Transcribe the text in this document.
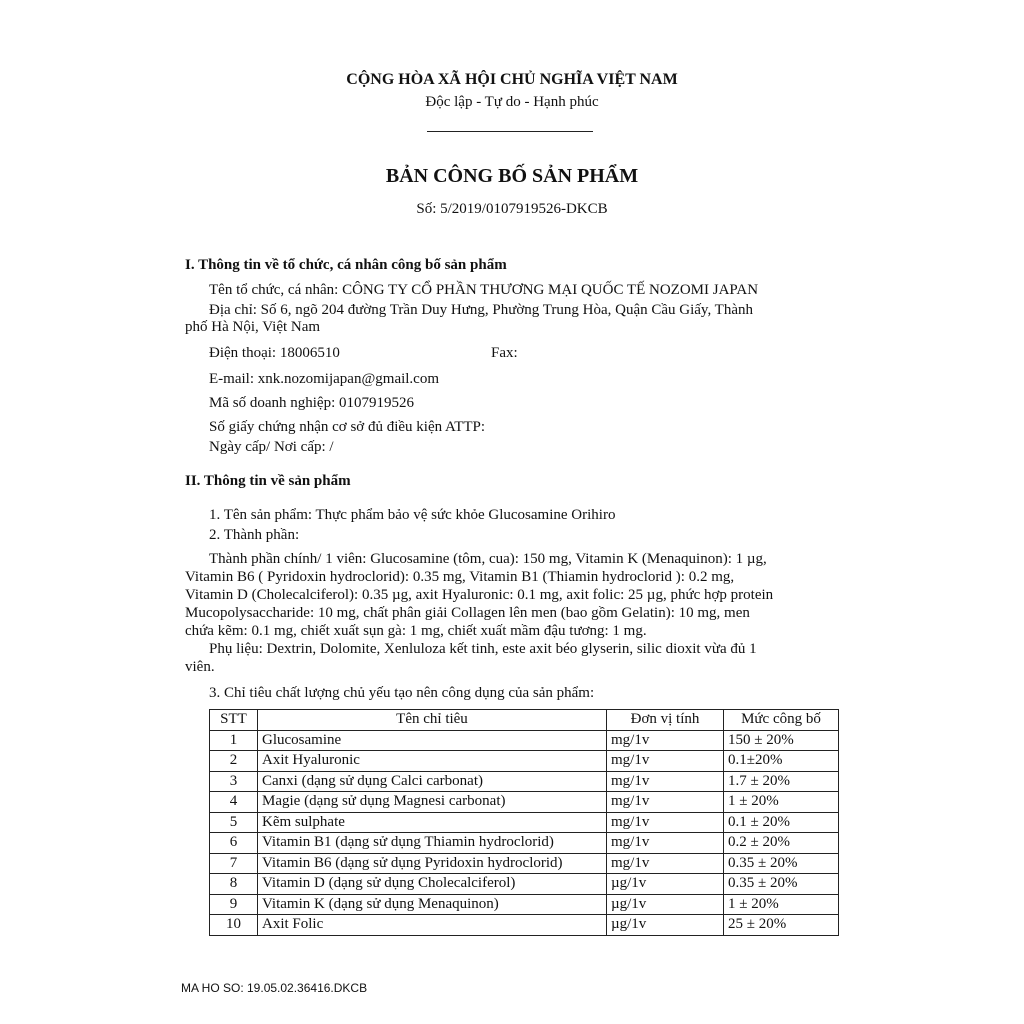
CỘNG HÒA XÃ HỘI CHỦ NGHĨA VIỆT NAM
Độc lập - Tự do - Hạnh phúc
BẢN CÔNG BỐ SẢN PHẨM
Số: 5/2019/0107919526-DKCB
I. Thông tin về tổ chức, cá nhân công bố sản phẩm
Tên tổ chức, cá nhân: CÔNG TY CỔ PHẦN THƯƠNG MẠI QUỐC TẾ NOZOMI JAPAN
Địa chỉ: Số 6, ngõ 204 đường Trần Duy Hưng, Phường Trung Hòa, Quận Cầu Giấy, Thành
phố Hà Nội, Việt Nam
Điện thoại: 18006510	Fax:
E-mail: xnk.nozomijapan@gmail.com
Mã số doanh nghiệp: 0107919526
Số giấy chứng nhận cơ sở đủ điều kiện ATTP:
Ngày cấp/ Nơi cấp: /
II. Thông tin về sản phẩm
1. Tên sản phẩm: Thực phẩm bảo vệ sức khỏe Glucosamine Orihiro
2. Thành phần:
Thành phần chính/ 1 viên: Glucosamine (tôm, cua): 150 mg, Vitamin K (Menaquinon): 1 µg,
Vitamin B6 ( Pyridoxin hydroclorid): 0.35 mg, Vitamin B1 (Thiamin hydroclorid ): 0.2 mg,
Vitamin D (Cholecalciferol): 0.35 µg, axit Hyaluronic: 0.1 mg, axit folic: 25 µg, phức hợp protein
Mucopolysaccharide: 10 mg, chất phân giải Collagen lên men (bao gồm Gelatin): 10 mg, men
chứa kẽm: 0.1 mg, chiết xuất sụn gà: 1 mg, chiết xuất mầm đậu tương: 1 mg.
Phụ liệu: Dextrin, Dolomite, Xenluloza kết tinh, este axit béo glyserin, silic dioxit vừa đủ 1
viên.
3. Chỉ tiêu chất lượng chủ yếu tạo nên công dụng của sản phẩm:
STT	Tên chỉ tiêu	Đơn vị tính	Mức công bố
1	Glucosamine	mg/1v	150 ± 20%
2	Axit Hyaluronic	mg/1v	0.1±20%
3	Canxi (dạng sử dụng Calci carbonat)	mg/1v	1.7 ± 20%
4	Magie (dạng sử dụng Magnesi carbonat)	mg/1v	1 ± 20%
5	Kẽm sulphate	mg/1v	0.1 ± 20%
6	Vitamin B1 (dạng sử dụng Thiamin hydroclorid)	mg/1v	0.2 ± 20%
7	Vitamin B6 (dạng sử dụng Pyridoxin hydroclorid)	mg/1v	0.35 ± 20%
8	Vitamin D (dạng sử dụng Cholecalciferol)	µg/1v	0.35 ± 20%
9	Vitamin K (dạng sử dụng Menaquinon)	µg/1v	1 ± 20%
10	Axit Folic	µg/1v	25 ± 20%
MA HO SO: 19.05.02.36416.DKCB
